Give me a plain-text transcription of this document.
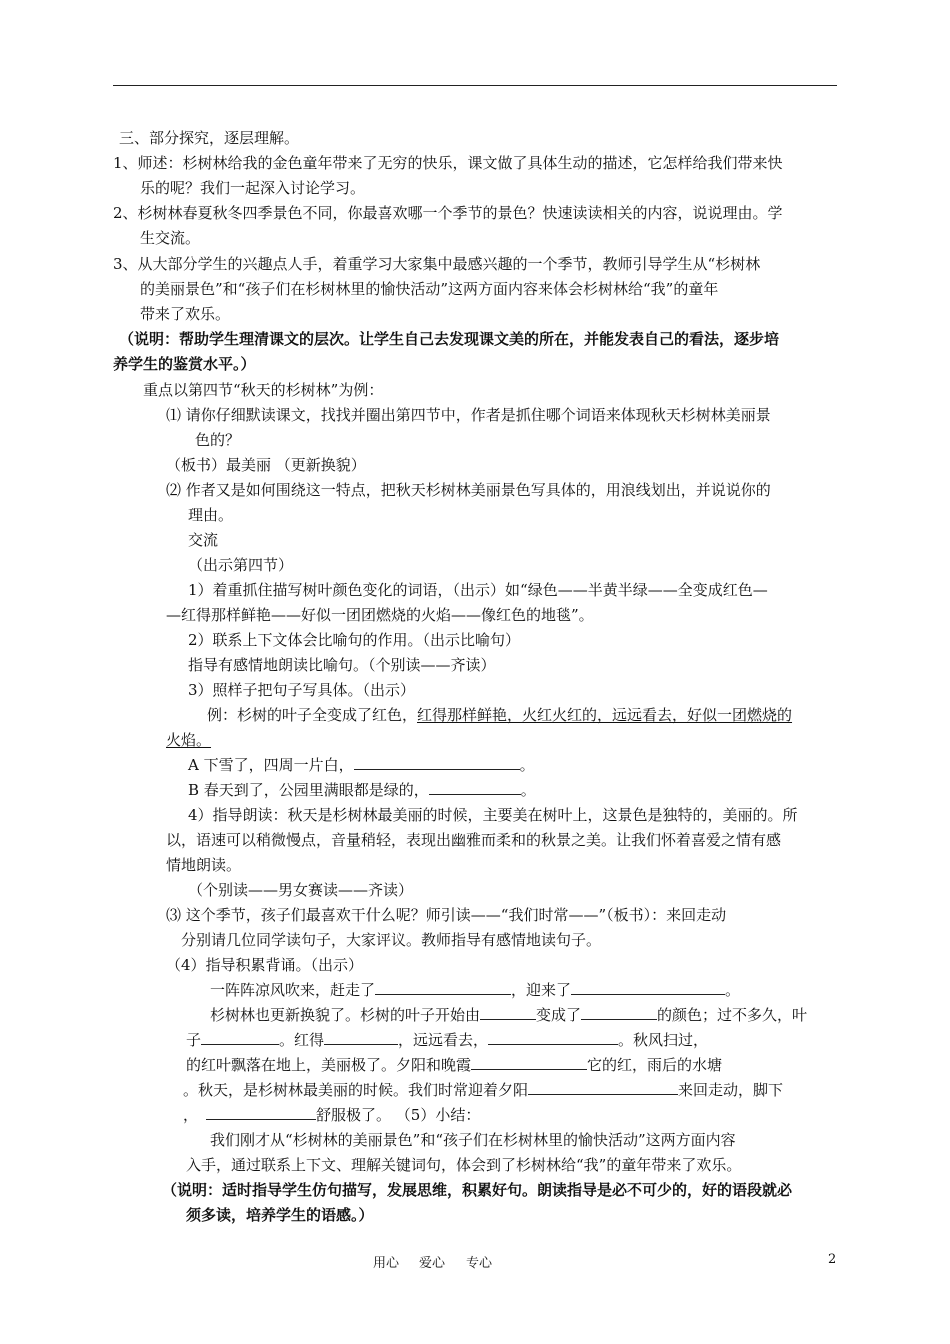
三、部分探究，逐层理解。
1、师述：杉树林给我的金色童年带来了无穷的快乐，课文做了具体生动的描述，它怎样给我们带来快
乐的呢？我们一起深入讨论学习。
2、杉树林春夏秋冬四季景色不同，你最喜欢哪一个季节的景色？快速读读相关的内容，说说理由。学
生交流。
3、从大部分学生的兴趣点人手，着重学习大家集中最感兴趣的一个季节，教师引导学生从“杉树林
的美丽景色”和“孩子们在杉树林里的愉快活动”这两方面内容来体会杉树林给“我”的童年
带来了欢乐。
（说明：帮助学生理清课文的层次。让学生自己去发现课文美的所在，并能发表自己的看法，逐步培
养学生的鉴赏水平。）
重点以第四节“秋天的杉树林”为例：
⑴ 请你仔细默读课文，找找并圈出第四节中，作者是抓住哪个词语来体现秋天杉树林美丽景
色的？
（板书）最美丽 （更新换貌）
⑵ 作者又是如何围绕这一特点，把秋天杉树林美丽景色写具体的，用浪线划出，并说说你的
理由。
交流
（出示第四节）
1）着重抓住描写树叶颜色变化的词语，（出示）如“绿色——半黄半绿——全变成红色—
—红得那样鲜艳——好似一团团燃烧的火焰——像红色的地毯”。
2）联系上下文体会比喻句的作用。（出示比喻句）
指导有感情地朗读比喻句。（个别读——齐读）
3）照样子把句子写具体。（出示）
例：杉树的叶子全变成了红色，红得那样鲜艳，火红火红的，远远看去，好似一团燃烧的
火焰。
A 下雪了，四周一片白，	。
B 春天到了，公园里满眼都是绿的，	。
4）指导朗读：秋天是杉树林最美丽的时候，主要美在树叶上，这景色是独特的，美丽的。所
以，语速可以稍微慢点，音量稍轻，表现出幽雅而柔和的秋景之美。让我们怀着喜爱之情有感
情地朗读。
（个别读——男女赛读——齐读）
⑶ 这个季节，孩子们最喜欢干什么呢？师引读——“我们时常——”（板书）：来回走动
分别请几位同学读句子，大家评议。教师指导有感情地读句子。
（4）指导积累背诵。（出示）
一阵阵凉风吹来，赶走了	，迎来了	。
杉树林也更新换貌了。杉树的叶子开始由	变成了	的颜色；过不多久，叶
子	。红得	，远远看去，	。秋风扫过，
的红叶飘落在地上，美丽极了。夕阳和晚霞	它的红，雨后的水塘
。秋天，是杉树林最美丽的时候。我们时常迎着夕阳	来回走动，脚下
，	舒服极了。 （5）小结：
我们刚才从“杉树林的美丽景色”和“孩子们在杉树林里的愉快活动”这两方面内容
入手，通过联系上下文、理解关键词句，体会到了杉树林给“我”的童年带来了欢乐。
（说明：适时指导学生仿句描写，发展思维，积累好句。朗读指导是必不可少的，好的语段就必
须多读，培养学生的语感。）
用心 爱心 专心	2
